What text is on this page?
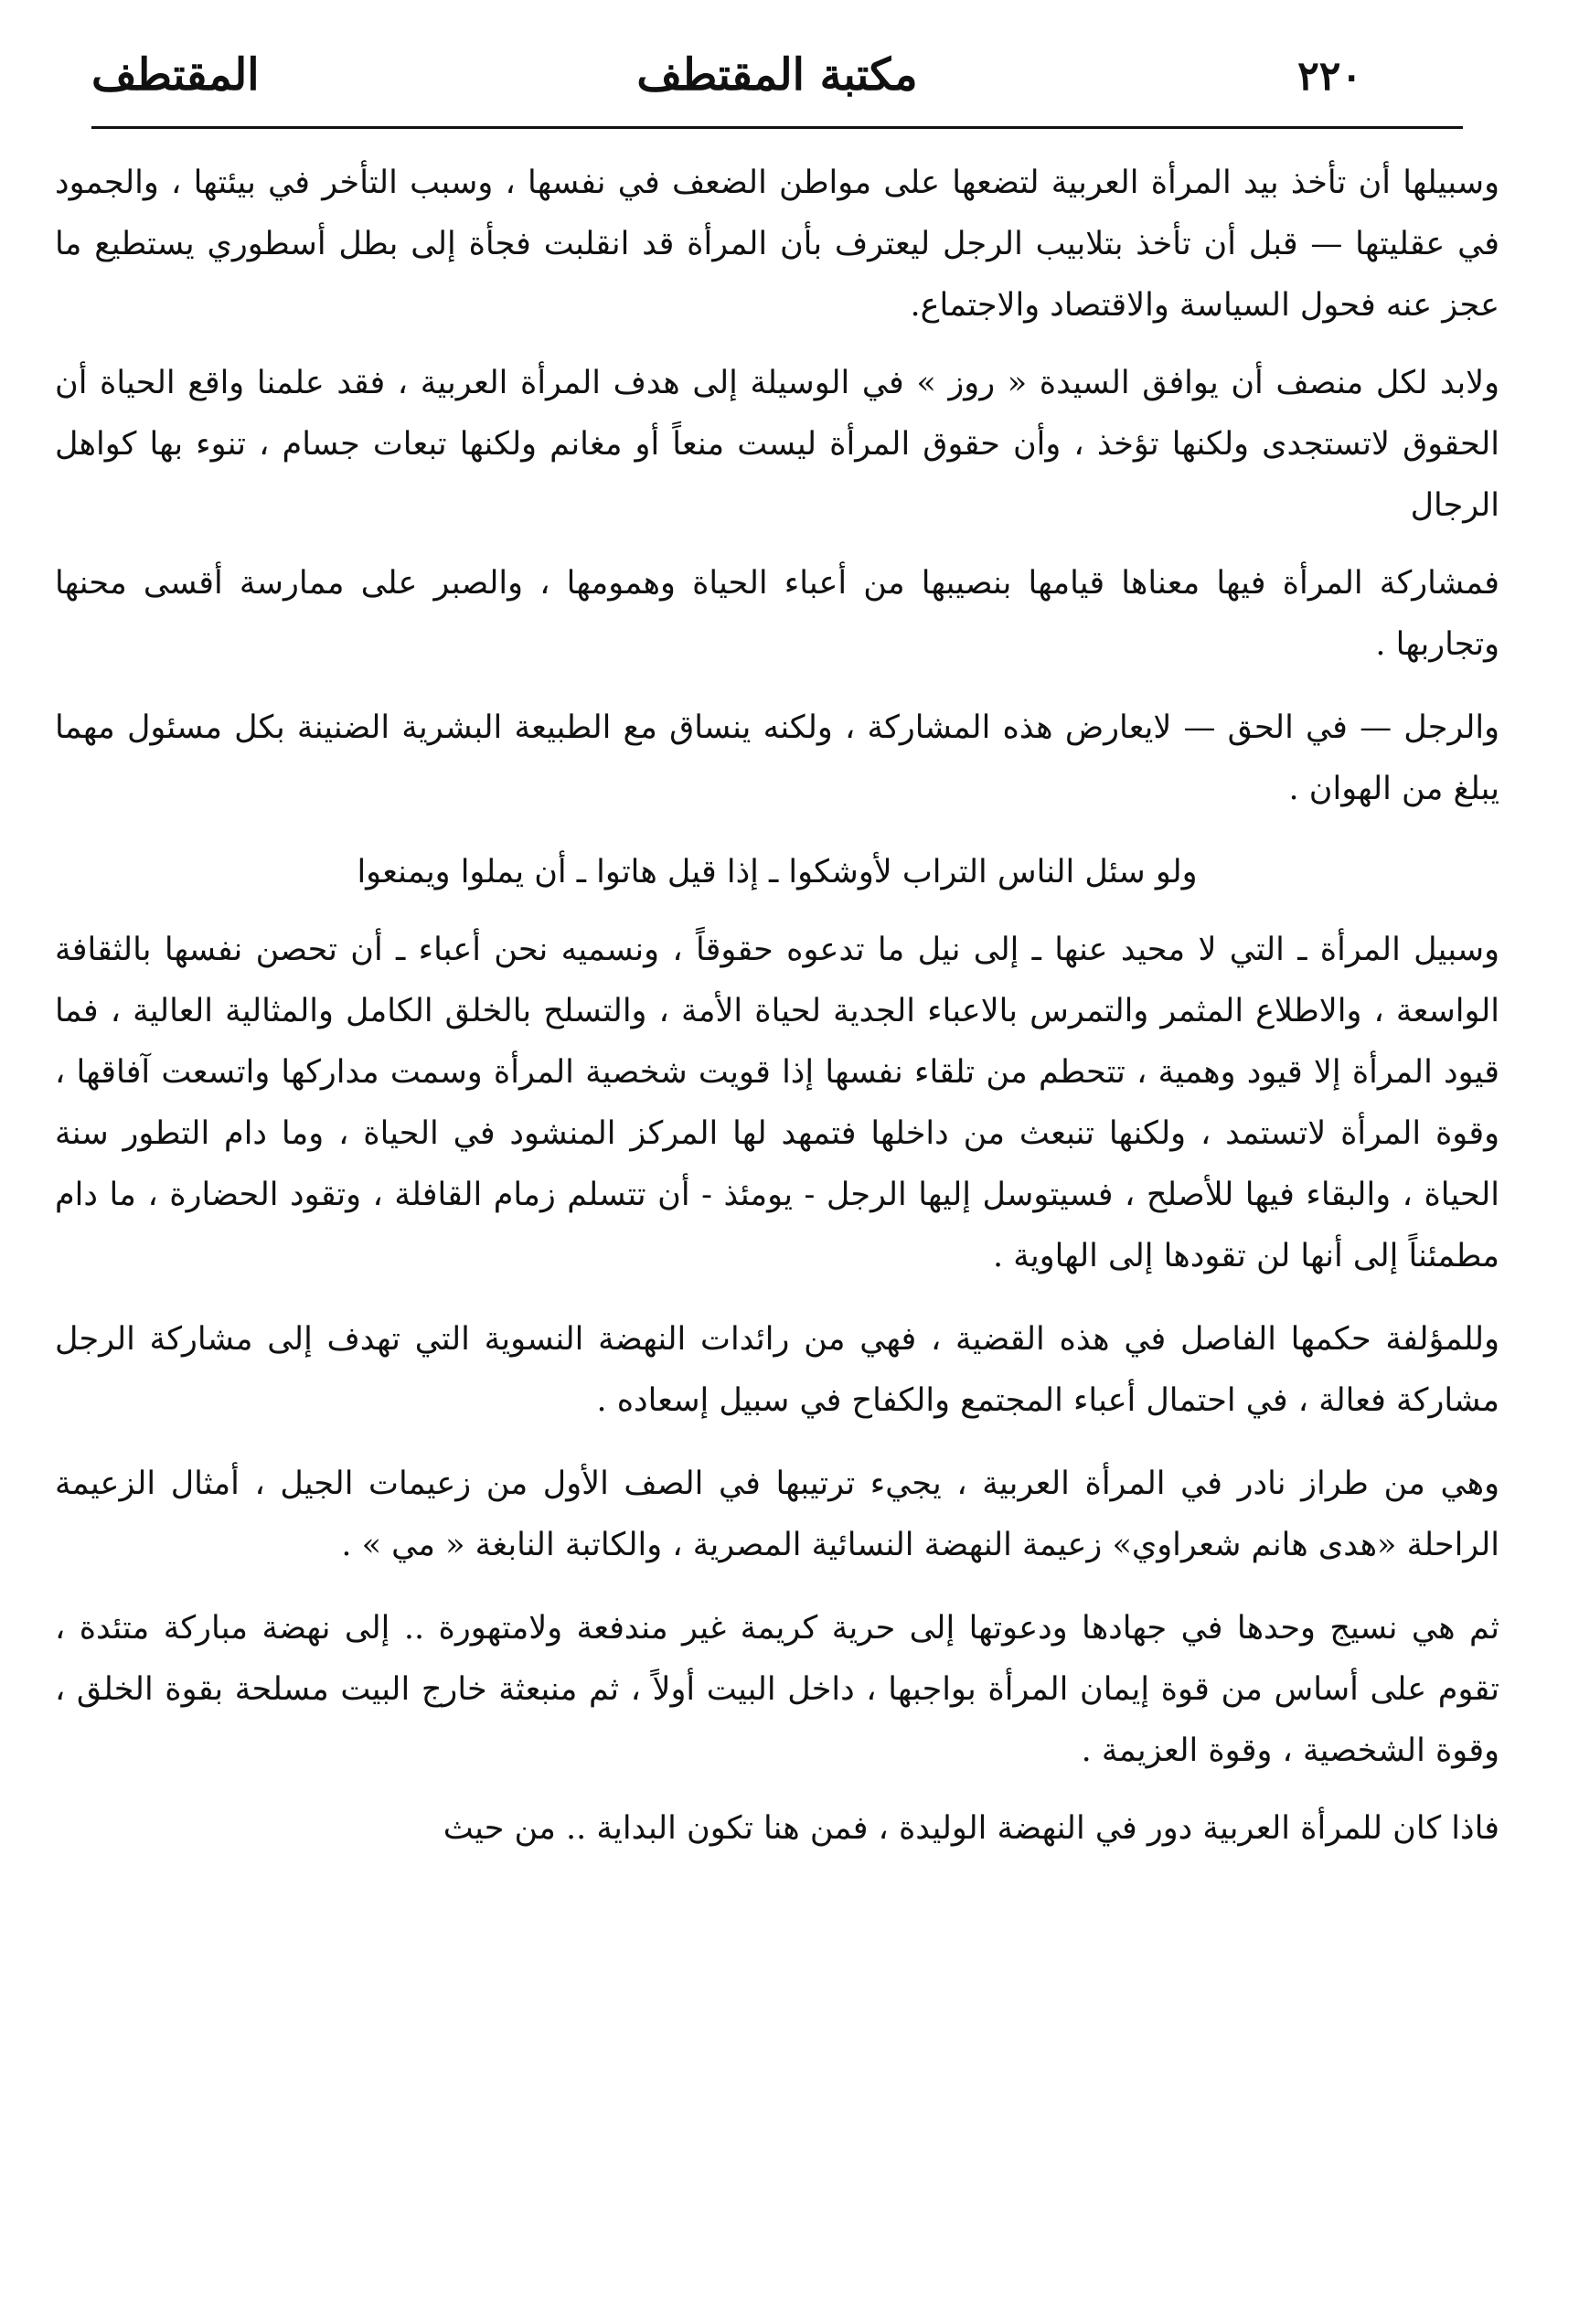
٢٢٠
مكتبة المقتطف
المقتطف

وسبيلها أن تأخذ بيد المرأة العربية لتضعها على مواطن الضعف في نفسها ، وسبب التأخر في بيئتها ، والجمود في عقليتها — قبل أن تأخذ بتلابيب الرجل ليعترف بأن المرأة قد انقلبت فجأة إلى بطل أسطوري يستطيع ما عجز عنه فحول السياسة والاقتصاد والاجتماع.

ولابد لكل منصف أن يوافق السيدة « روز » في الوسيلة إلى هدف المرأة العربية ، فقد علمنا واقع الحياة أن الحقوق لاتستجدى ولكنها تؤخذ ، وأن حقوق المرأة ليست منعاً أو مغانم ولكنها تبعات جسام ، تنوء بها كواهل الرجال

فمشاركة المرأة فيها معناها قيامها بنصيبها من أعباء الحياة وهمومها ، والصبر على ممارسة أقسى محنها وتجاربها .

والرجل — في الحق — لايعارض هذه المشاركة ، ولكنه ينساق مع الطبيعة البشرية الضنينة بكل مسئول مهما يبلغ من الهوان .

ولو سئل الناس التراب لأوشكوا ـ إذا قيل هاتوا ـ أن يملوا ويمنعوا

وسبيل المرأة ـ التي لا محيد عنها ـ إلى نيل ما تدعوه حقوقاً ، ونسميه نحن أعباء ـ أن تحصن نفسها بالثقافة الواسعة ، والاطلاع المثمر والتمرس بالاعباء الجدية لحياة الأمة ، والتسلح بالخلق الكامل والمثالية العالية ، فما قيود المرأة إلا قيود وهمية ، تتحطم من تلقاء نفسها إذا قويت شخصية المرأة وسمت مداركها واتسعت آفاقها ، وقوة المرأة لاتستمد ، ولكنها تنبعث من داخلها فتمهد لها المركز المنشود في الحياة ، وما دام التطور سنة الحياة ، والبقاء فيها للأصلح ، فسيتوسل إليها الرجل - يومئذ - أن تتسلم زمام القافلة ، وتقود الحضارة ، ما دام مطمئناً إلى أنها لن تقودها إلى الهاوية .

وللمؤلفة حكمها الفاصل في هذه القضية ، فهي من رائدات النهضة النسوية التي تهدف إلى مشاركة الرجل مشاركة فعالة ، في احتمال أعباء المجتمع والكفاح في سبيل إسعاده .

وهي من طراز نادر في المرأة العربية ، يجيء ترتيبها في الصف الأول من زعيمات الجيل ، أمثال الزعيمة الراحلة «هدى هانم شعراوي» زعيمة النهضة النسائية المصرية ، والكاتبة النابغة « مي » .

ثم هي نسيج وحدها في جهادها ودعوتها إلى حرية كريمة غير مندفعة ولامتهورة .. إلى نهضة مباركة متئدة ، تقوم على أساس من قوة إيمان المرأة بواجبها ، داخل البيت أولاً ، ثم منبعثة خارج البيت مسلحة بقوة الخلق ، وقوة الشخصية ، وقوة العزيمة .

فاذا كان للمرأة العربية دور في النهضة الوليدة ، فمن هنا تكون البداية .. من حيث
